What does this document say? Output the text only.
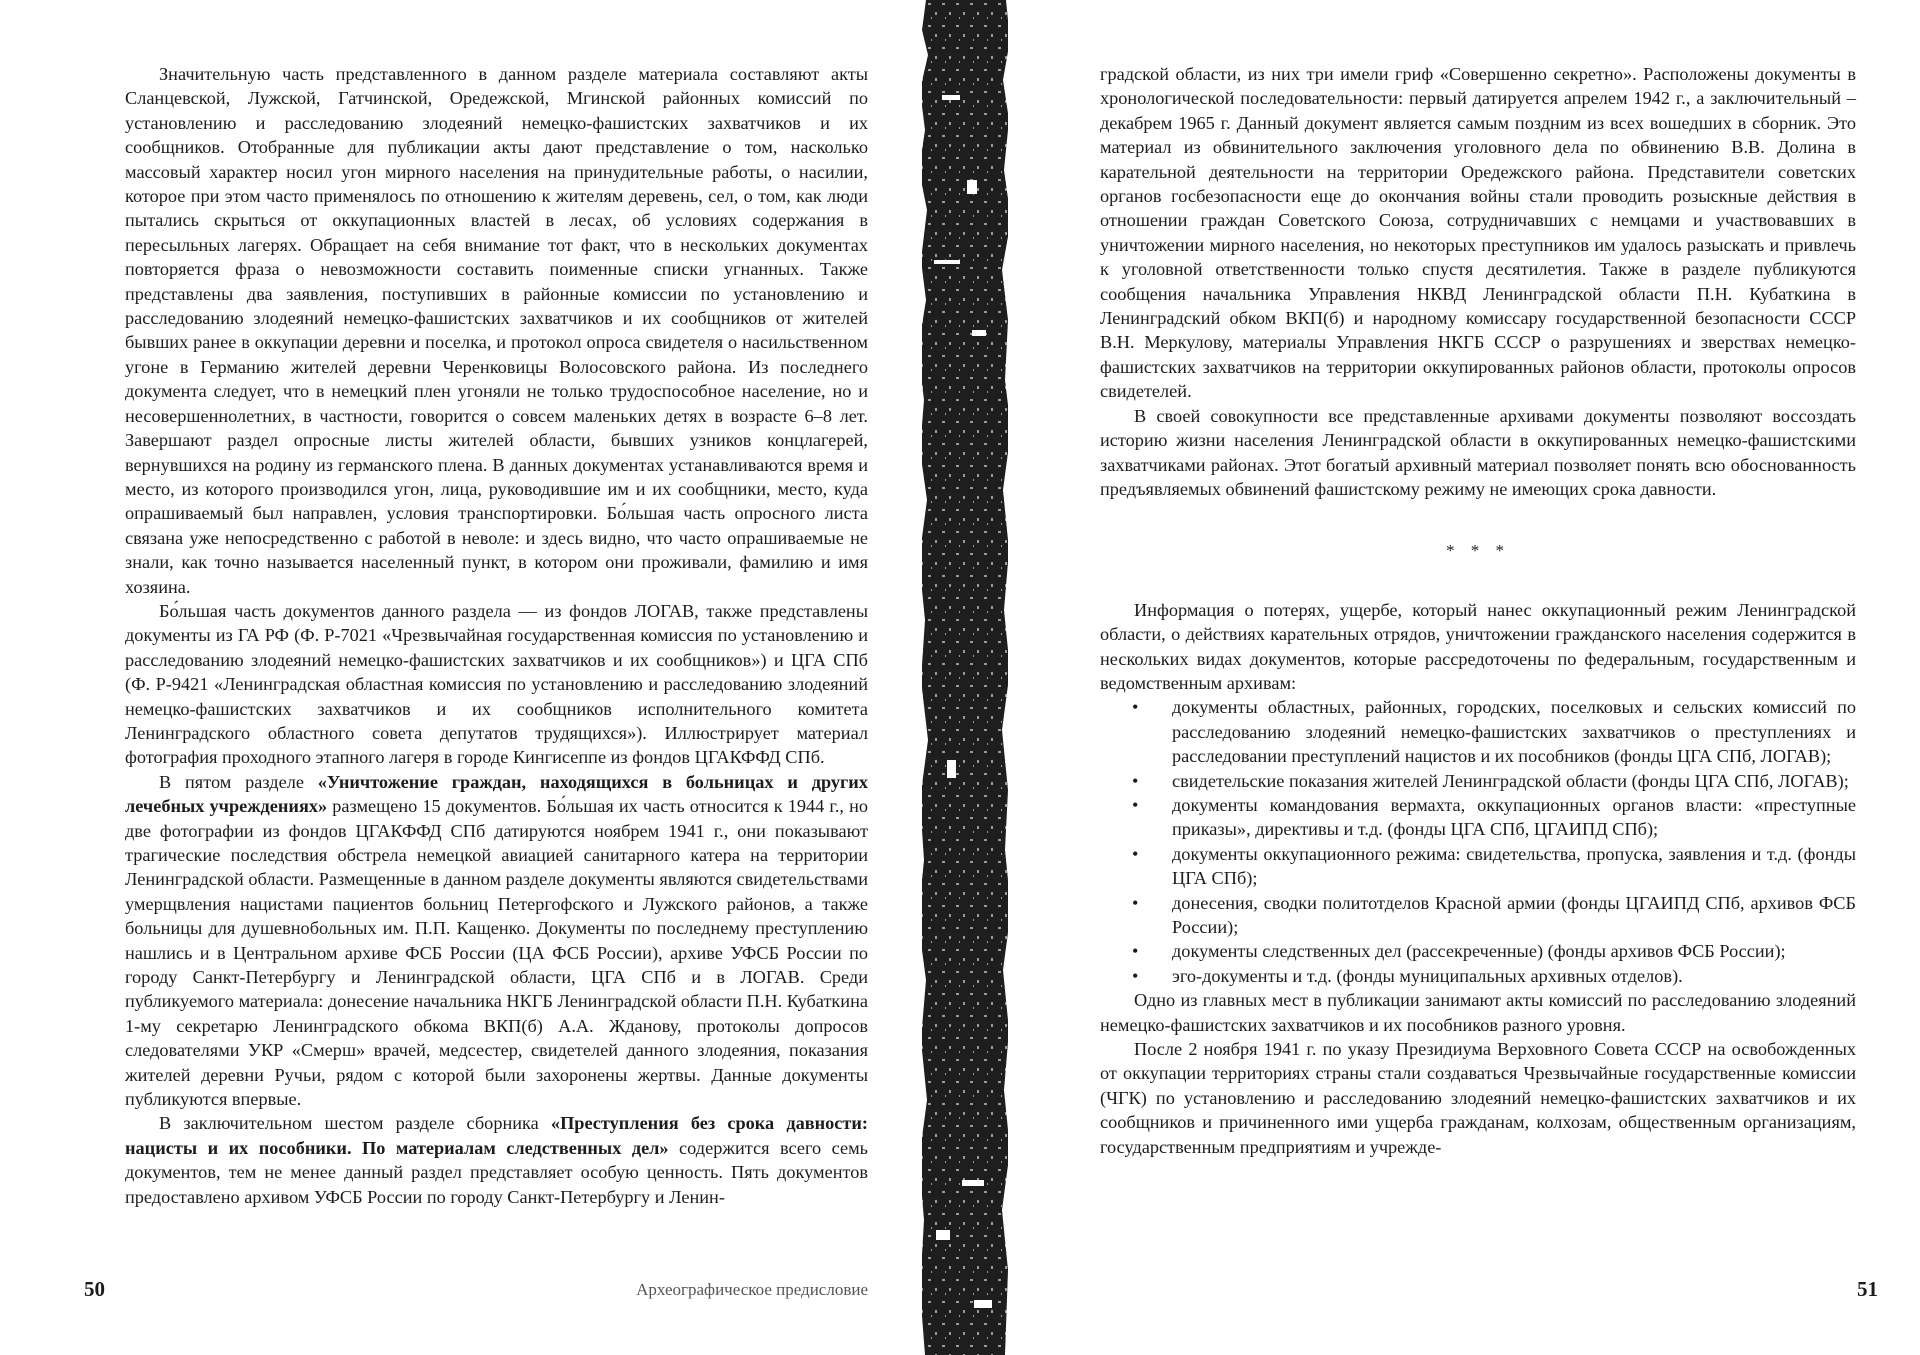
Значительную часть представленного в данном разделе материала составляют акты Сланцевской, Лужской, Гатчинской, Оредежской, Мгинской районных комиссий по установлению и расследованию злодеяний немецко-фашистских захватчиков и их сообщников. Отобранные для публикации акты дают представление о том, насколько массовый характер носил угон мирного населения на принудительные работы, о насилии, которое при этом часто применялось по отношению к жителям деревень, сел, о том, как люди пытались скрыться от оккупационных властей в лесах, об условиях содержания в пересыльных лагерях. Обращает на себя внимание тот факт, что в нескольких документах повторяется фраза о невозможности составить поименные списки угнанных. Также представлены два заявления, поступивших в районные комиссии по установлению и расследованию злодеяний немецко-фашистских захватчиков и их сообщников от жителей бывших ранее в оккупации деревни и поселка, и протокол опроса свидетеля о насильственном угоне в Германию жителей деревни Черенковицы Волосовского района. Из последнего документа следует, что в немецкий плен угоняли не только трудоспособное население, но и несовершеннолетних, в частности, говорится о совсем маленьких детях в возрасте 6–8 лет. Завершают раздел опросные листы жителей области, бывших узников концлагерей, вернувшихся на родину из германского плена. В данных документах устанавливаются время и место, из которого производился угон, лица, руководившие им и их сообщники, место, куда опрашиваемый был направлен, условия транспортировки. Бо́льшая часть опросного листа связана уже непосредственно с работой в неволе: и здесь видно, что часто опрашиваемые не знали, как точно называется населенный пункт, в котором они проживали, фамилию и имя хозяина.

Бо́льшая часть документов данного раздела — из фондов ЛОГАВ, также представлены документы из ГА РФ (Ф. Р-7021 «Чрезвычайная государственная комиссия по установлению и расследованию злодеяний немецко-фашистских захватчиков и их сообщников») и ЦГА СПб (Ф. Р-9421 «Ленинградская областная комиссия по установлению и расследованию злодеяний немецко-фашистских захватчиков и их сообщников исполнительного комитета Ленинградского областного совета депутатов трудящихся»). Иллюстрирует материал фотография проходного этапного лагеря в городе Кингисеппе из фондов ЦГАКФФД СПб.

В пятом разделе «Уничтожение граждан, находящихся в больницах и других лечебных учреждениях» размещено 15 документов. Бо́льшая их часть относится к 1944 г., но две фотографии из фондов ЦГАКФФД СПб датируются ноябрем 1941 г., они показывают трагические последствия обстрела немецкой авиацией санитарного катера на территории Ленинградской области. Размещенные в данном разделе документы являются свидетельствами умерщвления нацистами пациентов больниц Петергофского и Лужского районов, а также больницы для душевнобольных им. П.П. Кащенко. Документы по последнему преступлению нашлись и в Центральном архиве ФСБ России (ЦА ФСБ России), архиве УФСБ России по городу Санкт-Петербургу и Ленинградской области, ЦГА СПб и в ЛОГАВ. Среди публикуемого материала: донесение начальника НКГБ Ленинградской области П.Н. Кубаткина 1-му секретарю Ленинградского обкома ВКП(б) А.А. Жданову, протоколы допросов следователями УКР «Смерш» врачей, медсестер, свидетелей данного злодеяния, показания жителей деревни Ручьи, рядом с которой были захоронены жертвы. Данные документы публикуются впервые.

В заключительном шестом разделе сборника «Преступления без срока давности: нацисты и их пособники. По материалам следственных дел» содержится всего семь документов, тем не менее данный раздел представляет особую ценность. Пять документов предоставлено архивом УФСБ России по городу Санкт-Петербургу и Ленин-

50	Археографическое предисловие

градской области, из них три имели гриф «Совершенно секретно». Расположены документы в хронологической последовательности: первый датируется апрелем 1942 г., а заключительный – декабрем 1965 г. Данный документ является самым поздним из всех вошедших в сборник. Это материал из обвинительного заключения уголовного дела по обвинению В.В. Долина в карательной деятельности на территории Оредежского района. Представители советских органов госбезопасности еще до окончания войны стали проводить розыскные действия в отношении граждан Советского Союза, сотрудничавших с немцами и участвовавших в уничтожении мирного населения, но некоторых преступников им удалось разыскать и привлечь к уголовной ответственности только спустя десятилетия. Также в разделе публикуются сообщения начальника Управления НКВД Ленинградской области П.Н. Кубаткина в Ленинградский обком ВКП(б) и народному комиссару государственной безопасности СССР В.Н. Меркулову, материалы Управления НКГБ СССР о разрушениях и зверствах немецко-фашистских захватчиков на территории оккупированных районов области, протоколы опросов свидетелей.

В своей совокупности все представленные архивами документы позволяют воссоздать историю жизни населения Ленинградской области в оккупированных немецко-фашистскими захватчиками районах. Этот богатый архивный материал позволяет понять всю обоснованность предъявляемых обвинений фашистскому режиму не имеющих срока давности.

* * *

Информация о потерях, ущербе, который нанес оккупационный режим Ленинградской области, о действиях карательных отрядов, уничтожении гражданского населения содержится в нескольких видах документов, которые рассредоточены по федеральным, государственным и ведомственным архивам:

• документы областных, районных, городских, поселковых и сельских комиссий по расследованию злодеяний немецко-фашистских захватчиков о преступлениях и расследовании преступлений нацистов и их пособников (фонды ЦГА СПб, ЛОГАВ);
• свидетельские показания жителей Ленинградской области (фонды ЦГА СПб, ЛОГАВ);
• документы командования вермахта, оккупационных органов власти: «преступные приказы», директивы и т.д. (фонды ЦГА СПб, ЦГАИПД СПб);
• документы оккупационного режима: свидетельства, пропуска, заявления и т.д. (фонды ЦГА СПб);
• донесения, сводки политотделов Красной армии (фонды ЦГАИПД СПб, архивов ФСБ России);
• документы следственных дел (рассекреченные) (фонды архивов ФСБ России);
• эго-документы и т.д. (фонды муниципальных архивных отделов).

Одно из главных мест в публикации занимают акты комиссий по расследованию злодеяний немецко-фашистских захватчиков и их пособников разного уровня.

После 2 ноября 1941 г. по указу Президиума Верховного Совета СССР на освобожденных от оккупации территориях страны стали создаваться Чрезвычайные государственные комиссии (ЧГК) по установлению и расследованию злодеяний немецко-фашистских захватчиков и их сообщников и причиненного ими ущерба гражданам, колхозам, общественным организациям, государственным предприятиям и учрежде-

51
